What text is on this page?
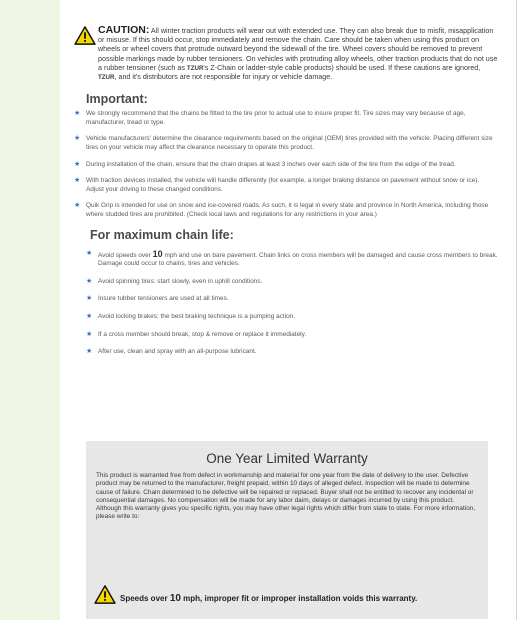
CAUTION: All winter traction products will wear out with extended use. They can also break due to misfit, misapplication or misuse. If this should occur, stop immediately and remove the chain. Care should be taken when using this product on wheels or wheel covers that protrude outward beyond the sidewall of the tire. Wheel covers should be removed to prevent possible markings made by rubber tensioners. On vehicles with protruding alloy wheels, other traction products that do not use a rubber tensioner (such as TZUR's Z-Chain or ladder-style cable products) should be used. If these cautions are ignored, TZUR, and it's distributors are not responsible for injury or vehicle damage.
Important:
★ We strongly recommend that the chains be fitted to the tire prior to actual use to insure proper fit. Tire sizes may vary because of age, manufacturer, tread or type.
★ Vehicle manufacturers' determine the clearance requirements based on the original (OEM) tires provided with the vehicle. Placing different size tires on your vehicle may affect the clearance necessary to operate this product.
★ During installation of the chain, ensure that the chain drapes at least 3 inches over each side of the tire from the edge of the tread.
★ With traction devices installed, the vehicle will handle differently (for example, a longer braking distance on pavement without snow or ice). Adjust your driving to these changed conditions.
★ Quik Grip is intended for use on snow and ice-covered roads. As such, it is legal in every state and province in North America, including those where studded tires are prohibited. (Check local laws and regulations for any restrictions in your area.)
For maximum chain life:
★ Avoid speeds over 10 mph and use on bare pavement. Chain links on cross members will be damaged and cause cross members to break. Damage could occur to chains, tires and vehicles.
★ Avoid spinning tires: start slowly, even in uphill conditions.
★ Insure tubber tensioners are used at all times.
★ Avoid locking brakes: the best braking technique is a pumping action.
★ If a cross member should break, stop & remove or replace it immediately.
★ After use, clean and spray with an all-purpose lubricant.
One Year Limited Warranty

This product is warranted free from defect in workmanship and material for one year from the date of delivery to the user. Defective product may be returned to the manufacturer, freight prepaid, within 10 days of alleged defect. Inspection will be made to determine cause of failure. Chain determined to be defective will be repaired or replaced. Buyer shall not be entitled to recover any incidental or consequential damages. No compensation will be made for any labor daim, delays or damages incurred by using this product. Although this warranty gives you specific rights, you may have other legal rights which differ from state to state. For more information, please write to:

Speeds over 10 mph, improper fit or improper installation voids this warranty.
